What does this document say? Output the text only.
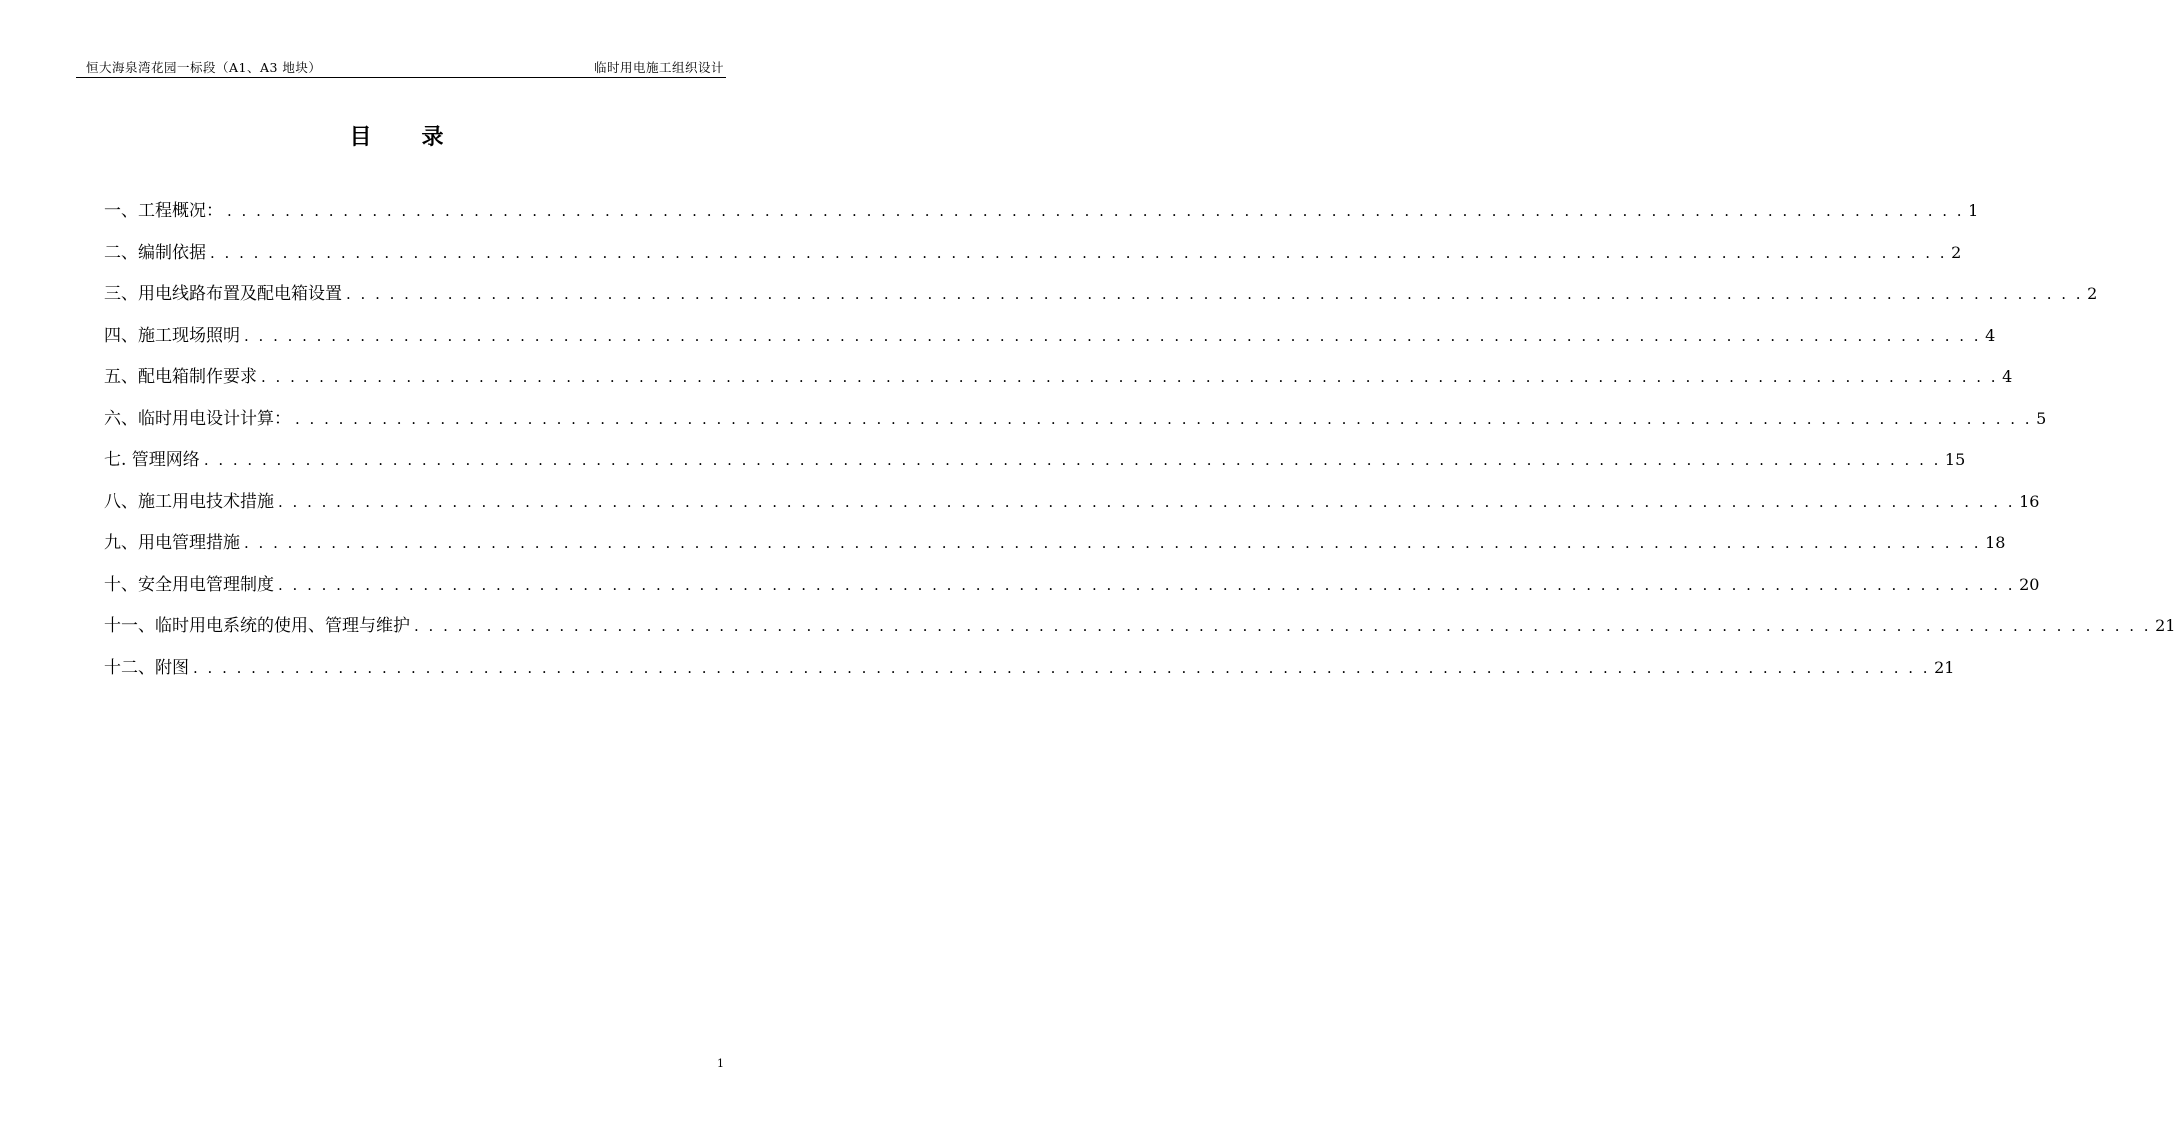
恒大海泉湾花园一标段（A1、A3 地块）	临时用电施工组织设计
目录
一、工程概况： . . . . . . . . . . . . . . . . . . . . . . . . . . . . . . . . . . . . . . . . . . . . . . . . . . . . . . . . . . . . . . . . . . . . . . . . . . . . . . . . . . . . . . . . . . . . . . . . . . . . . . . . . . . . . . . . . . . . . . . . 1
二、编制依据 . . . . . . . . . . . . . . . . . . . . . . . . . . . . . . . . . . . . . . . . . . . . . . . . . . . . . . . . . . . . . . . . . . . . . . . . . . . . . . . . . . . . . . . . . . . . . . . . . . . . . . . . . . . . . . . . . . . . . . . . 2
三、用电线路布置及配电箱设置 . . . . . . . . . . . . . . . . . . . . . . . . . . . . . . . . . . . . . . . . . . . . . . . . . . . . . . . . . . . . . . . . . . . . . . . . . . . . . . . . . . . . . . . . . . . . . . . . . . . . . . . . . . . . . . . . . . . . . . . . 2
四、施工现场照明 . . . . . . . . . . . . . . . . . . . . . . . . . . . . . . . . . . . . . . . . . . . . . . . . . . . . . . . . . . . . . . . . . . . . . . . . . . . . . . . . . . . . . . . . . . . . . . . . . . . . . . . . . . . . . . . . . . . . . . . . 4
五、配电箱制作要求 . . . . . . . . . . . . . . . . . . . . . . . . . . . . . . . . . . . . . . . . . . . . . . . . . . . . . . . . . . . . . . . . . . . . . . . . . . . . . . . . . . . . . . . . . . . . . . . . . . . . . . . . . . . . . . . . . . . . . . . . 4
六、临时用电设计计算： . . . . . . . . . . . . . . . . . . . . . . . . . . . . . . . . . . . . . . . . . . . . . . . . . . . . . . . . . . . . . . . . . . . . . . . . . . . . . . . . . . . . . . . . . . . . . . . . . . . . . . . . . . . . . . . . . . . . . . . . 5
七. 管理网络 . . . . . . . . . . . . . . . . . . . . . . . . . . . . . . . . . . . . . . . . . . . . . . . . . . . . . . . . . . . . . . . . . . . . . . . . . . . . . . . . . . . . . . . . . . . . . . . . . . . . . . . . . . . . . . . . . . . . . . . . 15
八、施工用电技术措施 . . . . . . . . . . . . . . . . . . . . . . . . . . . . . . . . . . . . . . . . . . . . . . . . . . . . . . . . . . . . . . . . . . . . . . . . . . . . . . . . . . . . . . . . . . . . . . . . . . . . . . . . . . . . . . . . . . . . . . . . 16
九、用电管理措施 . . . . . . . . . . . . . . . . . . . . . . . . . . . . . . . . . . . . . . . . . . . . . . . . . . . . . . . . . . . . . . . . . . . . . . . . . . . . . . . . . . . . . . . . . . . . . . . . . . . . . . . . . . . . . . . . . . . . . . . . 18
十、安全用电管理制度 . . . . . . . . . . . . . . . . . . . . . . . . . . . . . . . . . . . . . . . . . . . . . . . . . . . . . . . . . . . . . . . . . . . . . . . . . . . . . . . . . . . . . . . . . . . . . . . . . . . . . . . . . . . . . . . . . . . . . . . . 20
十一、临时用电系统的使用、管理与维护 . . . . . . . . . . . . . . . . . . . . . . . . . . . . . . . . . . . . . . . . . . . . . . . . . . . . . . . . . . . . . . . . . . . . . . . . . . . . . . . . . . . . . . . . . . . . . . . . . . . . . . . . . . . . . . . . . . . . . . . . 21
十二、附图 . . . . . . . . . . . . . . . . . . . . . . . . . . . . . . . . . . . . . . . . . . . . . . . . . . . . . . . . . . . . . . . . . . . . . . . . . . . . . . . . . . . . . . . . . . . . . . . . . . . . . . . . . . . . . . . . . . . . . . . . 21
1
